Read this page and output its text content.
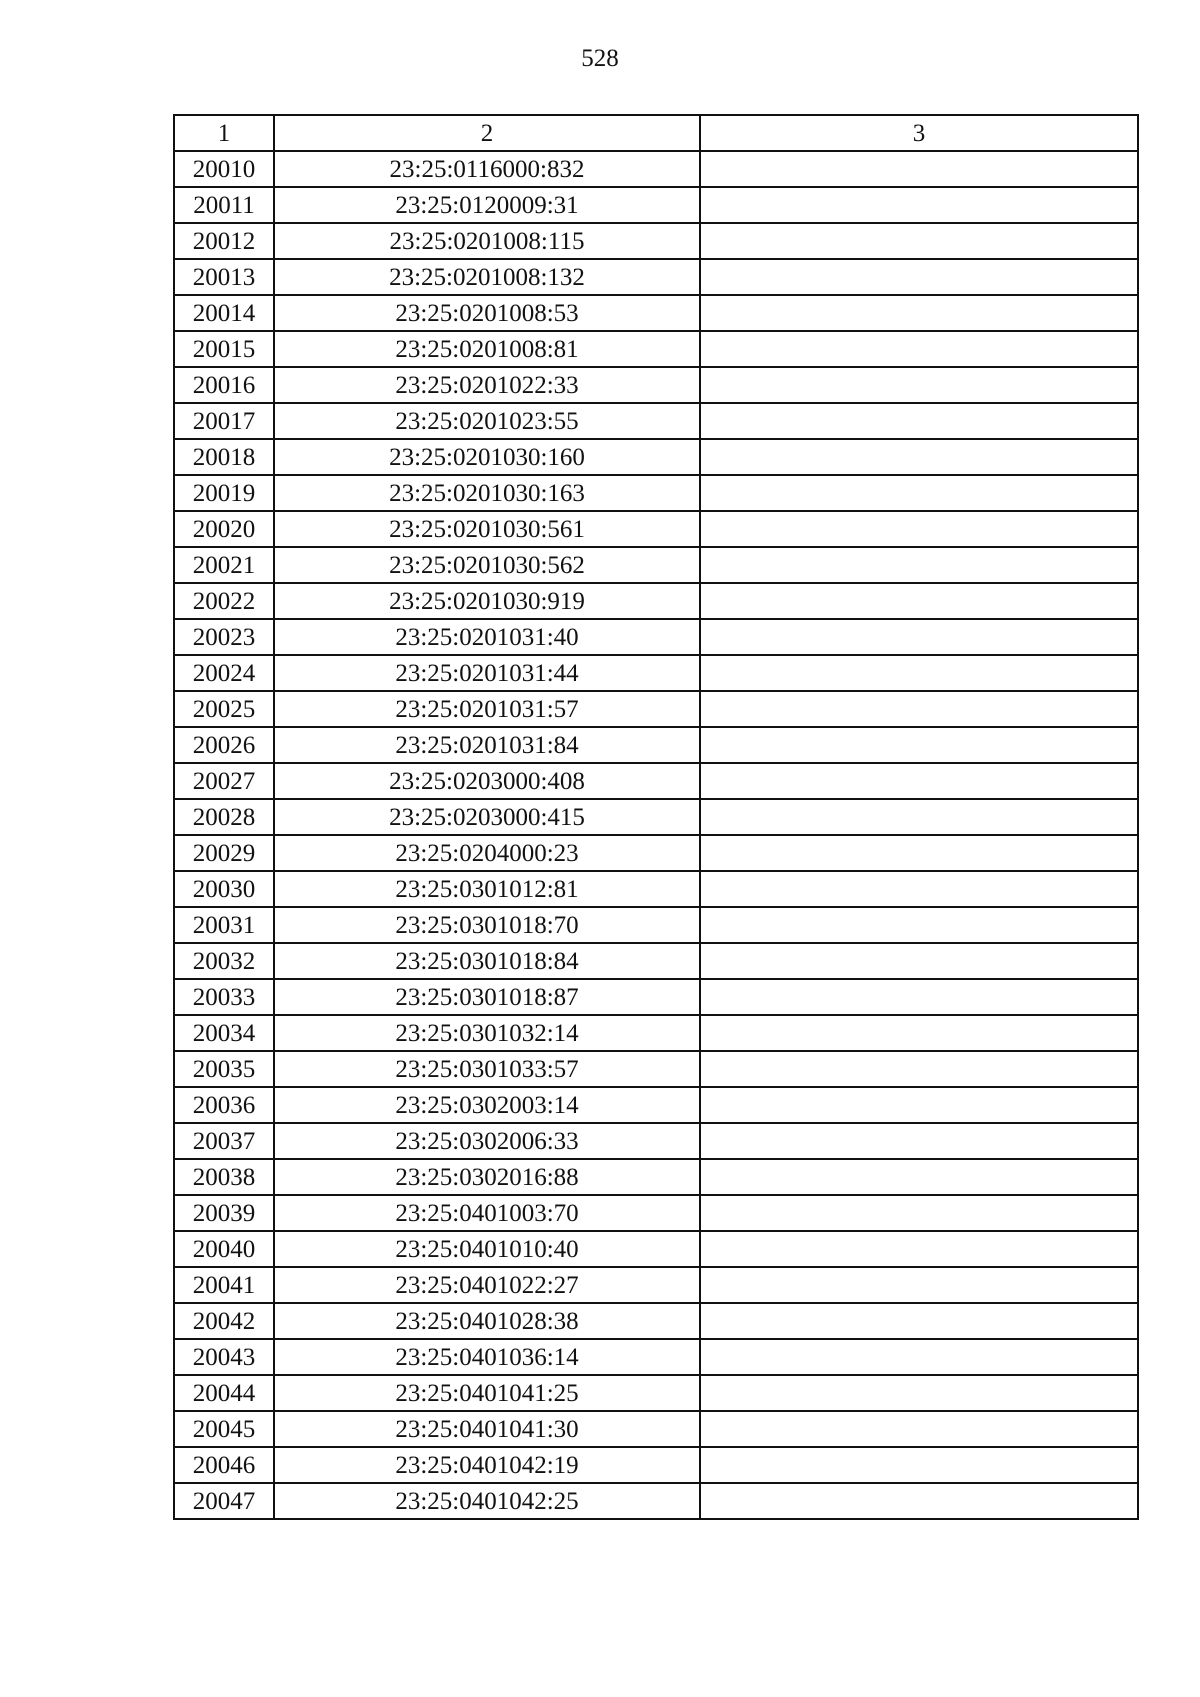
528
1	2	3
20010	23:25:0116000:832	
20011	23:25:0120009:31	
20012	23:25:0201008:115	
20013	23:25:0201008:132	
20014	23:25:0201008:53	
20015	23:25:0201008:81	
20016	23:25:0201022:33	
20017	23:25:0201023:55	
20018	23:25:0201030:160	
20019	23:25:0201030:163	
20020	23:25:0201030:561	
20021	23:25:0201030:562	
20022	23:25:0201030:919	
20023	23:25:0201031:40	
20024	23:25:0201031:44	
20025	23:25:0201031:57	
20026	23:25:0201031:84	
20027	23:25:0203000:408	
20028	23:25:0203000:415	
20029	23:25:0204000:23	
20030	23:25:0301012:81	
20031	23:25:0301018:70	
20032	23:25:0301018:84	
20033	23:25:0301018:87	
20034	23:25:0301032:14	
20035	23:25:0301033:57	
20036	23:25:0302003:14	
20037	23:25:0302006:33	
20038	23:25:0302016:88	
20039	23:25:0401003:70	
20040	23:25:0401010:40	
20041	23:25:0401022:27	
20042	23:25:0401028:38	
20043	23:25:0401036:14	
20044	23:25:0401041:25	
20045	23:25:0401041:30	
20046	23:25:0401042:19	
20047	23:25:0401042:25	
